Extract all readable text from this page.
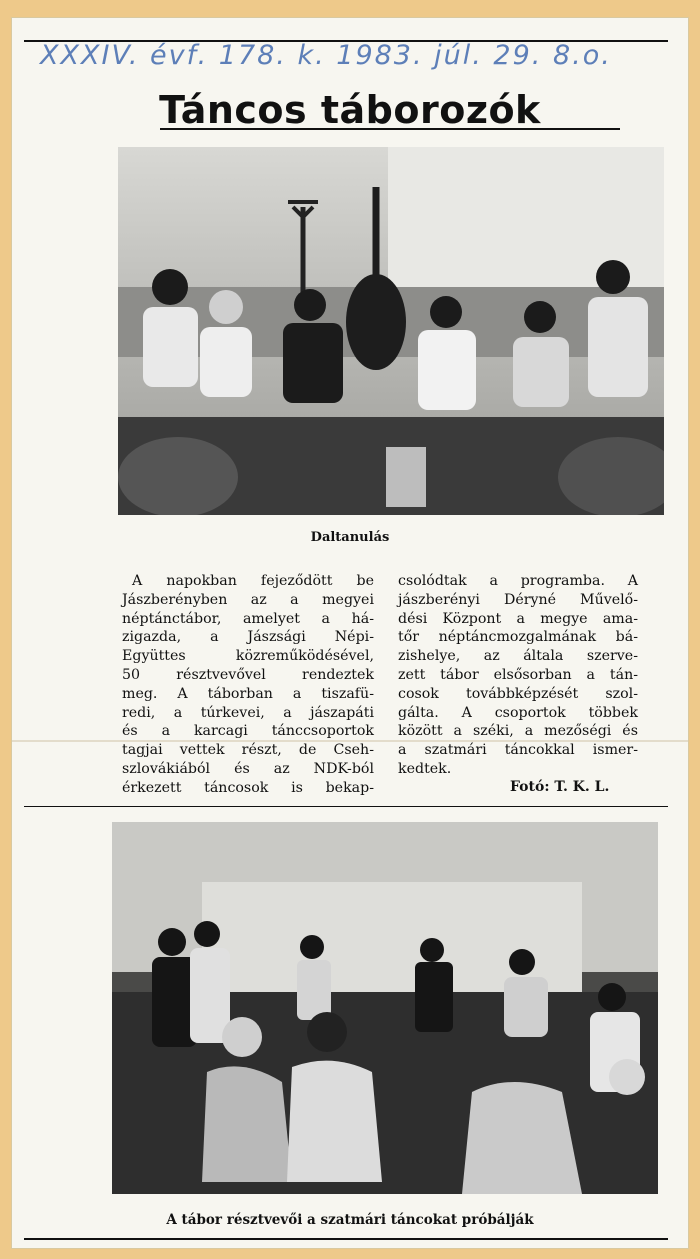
XXXIV. évf. 178. k. 1983. júl. 29. 8.o.
Táncos táborozók
Daltanulás

A napokban fejeződött be
Jászberényben az a megyei
néptánctábor, amelyet a há-
zigazda, a Jászsági Népi-
Együttes közreműködésével,
50 résztvevővel rendeztek
meg. A táborban a tiszafü-
redi, a túrkevei, a jászapáti
és a karcagi tánccsoportok
tagjai vettek részt, de Cseh-
szlovákiából és az NDK-ból
érkezett táncosok is bekap-

csolódtak a programba. A
jászberényi Déryné Művelő-
dési Központ a megye ama-
tőr néptáncmozgalmának bá-
zishelye, az általa szerve-
zett tábor elsősorban a tán-
cosok továbbképzését szol-
gálta. A csoportok többek
között a széki, a mezőségi és
a szatmári táncokkal ismer-
kedtek.

Fotó: T. K. L.
A tábor résztvevői a szatmári táncokat próbálják
